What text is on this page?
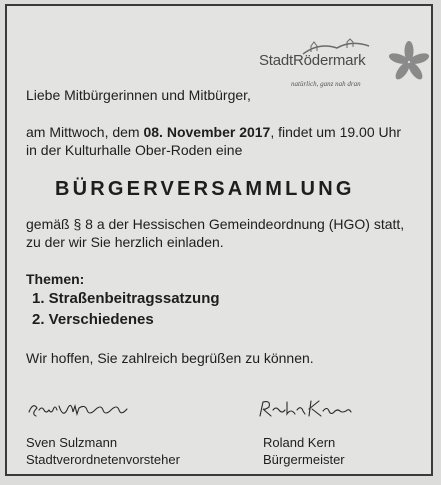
StadtRödermark
natürlich, ganz nah dran
Liebe Mitbürgerinnen und Mitbürger,
am Mittwoch, dem 08. November 2017, findet um 19.00 Uhr
in der Kulturhalle Ober-Roden eine
BÜRGERVERSAMMLUNG
gemäß § 8 a der Hessischen Gemeindeordnung (HGO) statt,
zu der wir Sie herzlich einladen.
Themen:
1. Straßenbeitragssatzung
2. Verschiedenes
Wir hoffen, Sie zahlreich begrüßen zu können.
Sven Sulzmann
Stadtverordnetenvorsteher
Roland Kern
Bürgermeister
